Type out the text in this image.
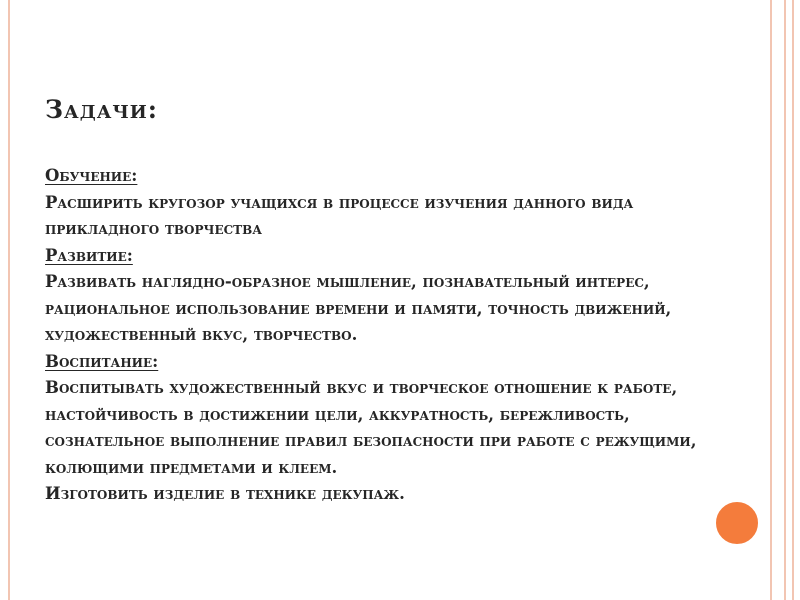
Задачи:
Обучение:
Расширить кругозор учащихся в процессе изучения данного вида прикладного творчества
Развитие:
Развивать наглядно-образное мышление, познавательный интерес, рациональное использование времени и памяти, точность движений, художественный вкус, творчество.
Воспитание:
Воспитывать художественный вкус и творческое отношение к работе, настойчивость в достижении цели, аккуратность, бережливость, сознательное выполнение правил безопасности при работе с режущими, колющими предметами и клеем.
Изготовить изделие в технике декупаж.
